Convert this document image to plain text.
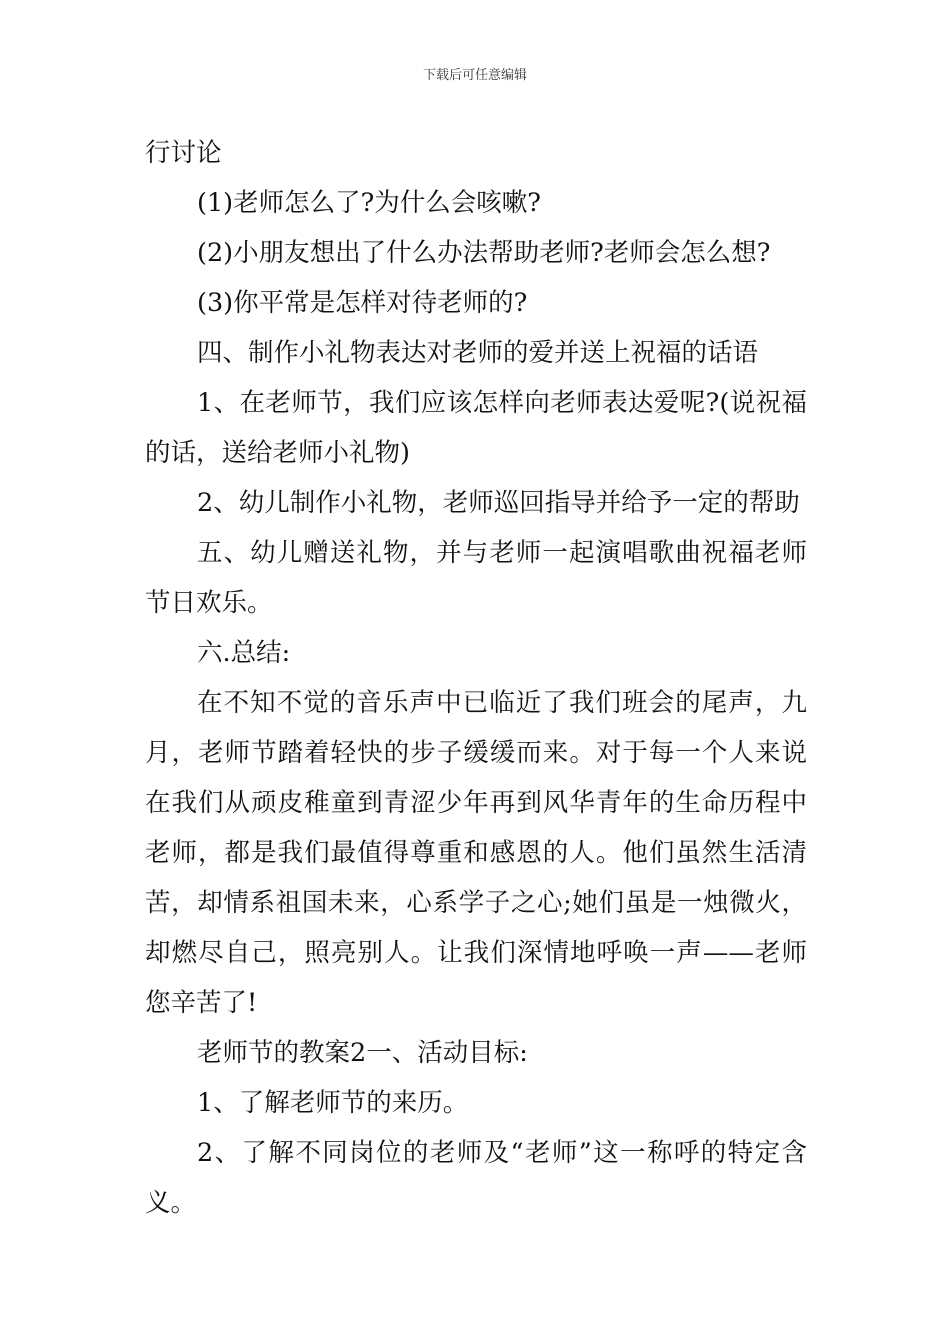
下载后可任意编辑

行讨论

(1)老师怎么了?为什么会咳嗽?

(2)小朋友想出了什么办法帮助老师?老师会怎么想?

(3)你平常是怎样对待老师的?

四、制作小礼物表达对老师的爱并送上祝福的话语

1、在老师节，我们应该怎样向老师表达爱呢?(说祝福的话，送给老师小礼物)

2、幼儿制作小礼物，老师巡回指导并给予一定的帮助

五、幼儿赠送礼物，并与老师一起演唱歌曲祝福老师节日欢乐。

六.总结:

在不知不觉的音乐声中已临近了我们班会的尾声，九月，老师节踏着轻快的步子缓缓而来。对于每一个人来说在我们从顽皮稚童到青涩少年再到风华青年的生命历程中老师，都是我们最值得尊重和感恩的人。他们虽然生活清苦，却情系祖国未来，心系学子之心;她们虽是一烛微火，却燃尽自己，照亮别人。让我们深情地呼唤一声——老师您辛苦了!

老师节的教案2一、活动目标:

1、了解老师节的来历。

2、了解不同岗位的老师及“老师”这一称呼的特定含义。
